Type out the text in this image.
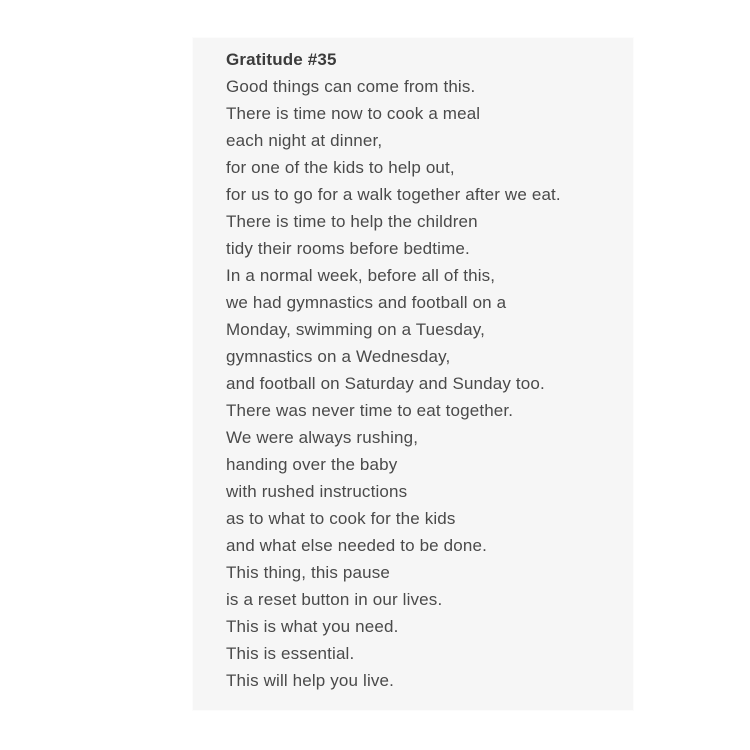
Gratitude #35
Good things can come from this.
There is time now to cook a meal
each night at dinner,
for one of the kids to help out,
for us to go for a walk together after we eat.
There is time to help the children
tidy their rooms before bedtime.
In a normal week, before all of this,
we had gymnastics and football on a
Monday, swimming on a Tuesday,
gymnastics on a Wednesday,
and football on Saturday and Sunday too.
There was never time to eat together.
We were always rushing,
handing over the baby
with rushed instructions
as to what to cook for the kids
and what else needed to be done.
This thing, this pause
is a reset button in our lives.
This is what you need.
This is essential.
This will help you live.
